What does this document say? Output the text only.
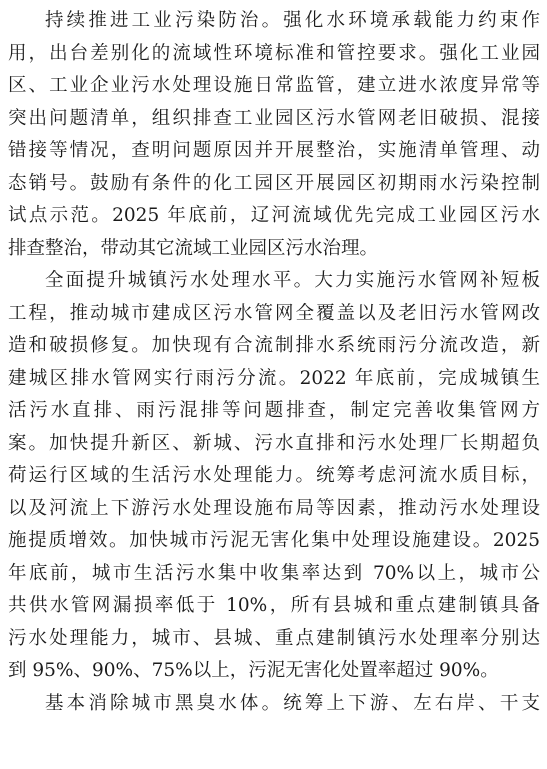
持续推进工业污染防治。强化水环境承载能力约束作
用，出台差别化的流域性环境标准和管控要求。强化工业园
区、工业企业污水处理设施日常监管，建立进水浓度异常等
突出问题清单，组织排查工业园区污水管网老旧破损、混接
错接等情况，查明问题原因并开展整治，实施清单管理、动
态销号。鼓励有条件的化工园区开展园区初期雨水污染控制
试点示范。2025 年底前，辽河流域优先完成工业园区污水
排查整治，带动其它流域工业园区污水治理。
全面提升城镇污水处理水平。大力实施污水管网补短板
工程，推动城市建成区污水管网全覆盖以及老旧污水管网改
造和破损修复。加快现有合流制排水系统雨污分流改造，新
建城区排水管网实行雨污分流。2022 年底前，完成城镇生
活污水直排、雨污混排等问题排查，制定完善收集管网方
案。加快提升新区、新城、污水直排和污水处理厂长期超负
荷运行区域的生活污水处理能力。统筹考虑河流水质目标，
以及河流上下游污水处理设施布局等因素，推动污水处理设
施提质增效。加快城市污泥无害化集中处理设施建设。2025
年底前，城市生活污水集中收集率达到 70%以上，城市公
共供水管网漏损率低于 10%，所有县城和重点建制镇具备
污水处理能力，城市、县城、重点建制镇污水处理率分别达
到 95%、90%、75%以上，污泥无害化处置率超过 90%。
基本消除城市黑臭水体。统筹上下游、左右岸、干支
